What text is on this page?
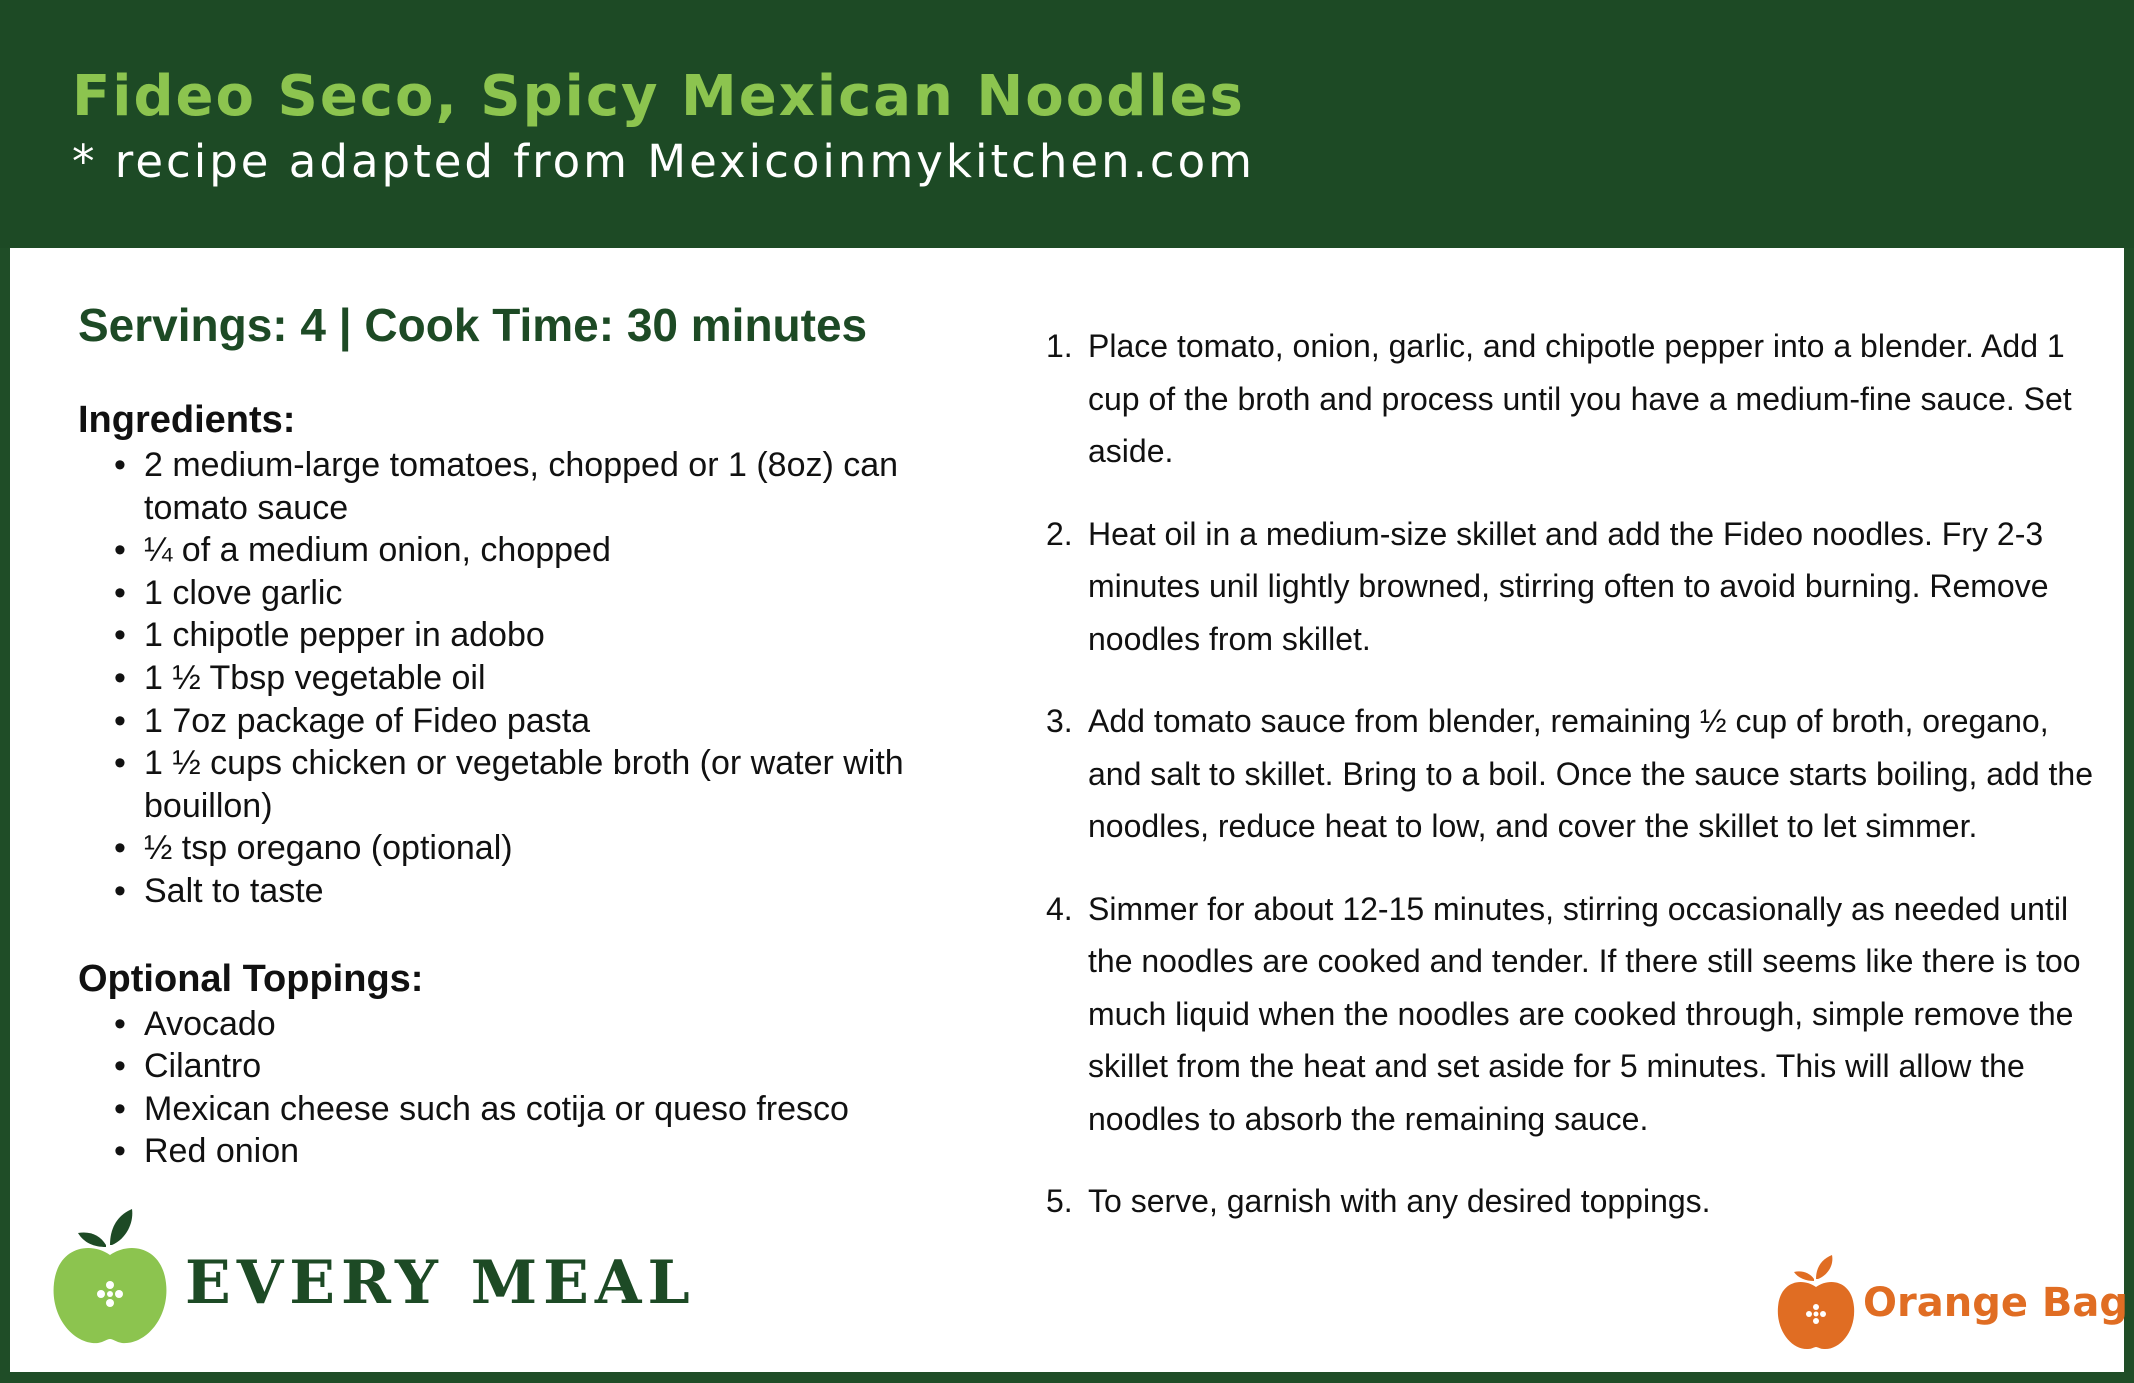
Fideo Seco, Spicy Mexican Noodles
* recipe adapted from Mexicoinmykitchen.com
Servings: 4 | Cook Time: 30 minutes
Ingredients:
• 2 medium-large tomatoes, chopped or 1 (8oz) can tomato sauce
• ¼ of a medium onion, chopped
• 1 clove garlic
• 1 chipotle pepper in adobo
• 1 ½ Tbsp vegetable oil
• 1 7oz package of Fideo pasta
• 1 ½ cups chicken or vegetable broth (or water with bouillon)
• ½ tsp oregano (optional)
• Salt to taste
Optional Toppings:
• Avocado
• Cilantro
• Mexican cheese such as cotija or queso fresco
• Red onion
1. Place tomato, onion, garlic, and chipotle pepper into a blender. Add 1 cup of the broth and process until you have a medium-fine sauce. Set aside.
2. Heat oil in a medium-size skillet and add the Fideo noodles. Fry 2-3 minutes unil lightly browned, stirring often to avoid burning. Remove noodles from skillet.
3. Add tomato sauce from blender, remaining ½ cup of broth, oregano, and salt to skillet. Bring to a boil. Once the sauce starts boiling, add the noodles, reduce heat to low, and cover the skillet to let simmer.
4. Simmer for about 12-15 minutes, stirring occasionally as needed until the noodles are cooked and tender. If there still seems like there is too much liquid when the noodles are cooked through, simple remove the skillet from the heat and set aside for 5 minutes. This will allow the noodles to absorb the remaining sauce.
5. To serve, garnish with any desired toppings.
EVERY MEAL	Orange Bag
